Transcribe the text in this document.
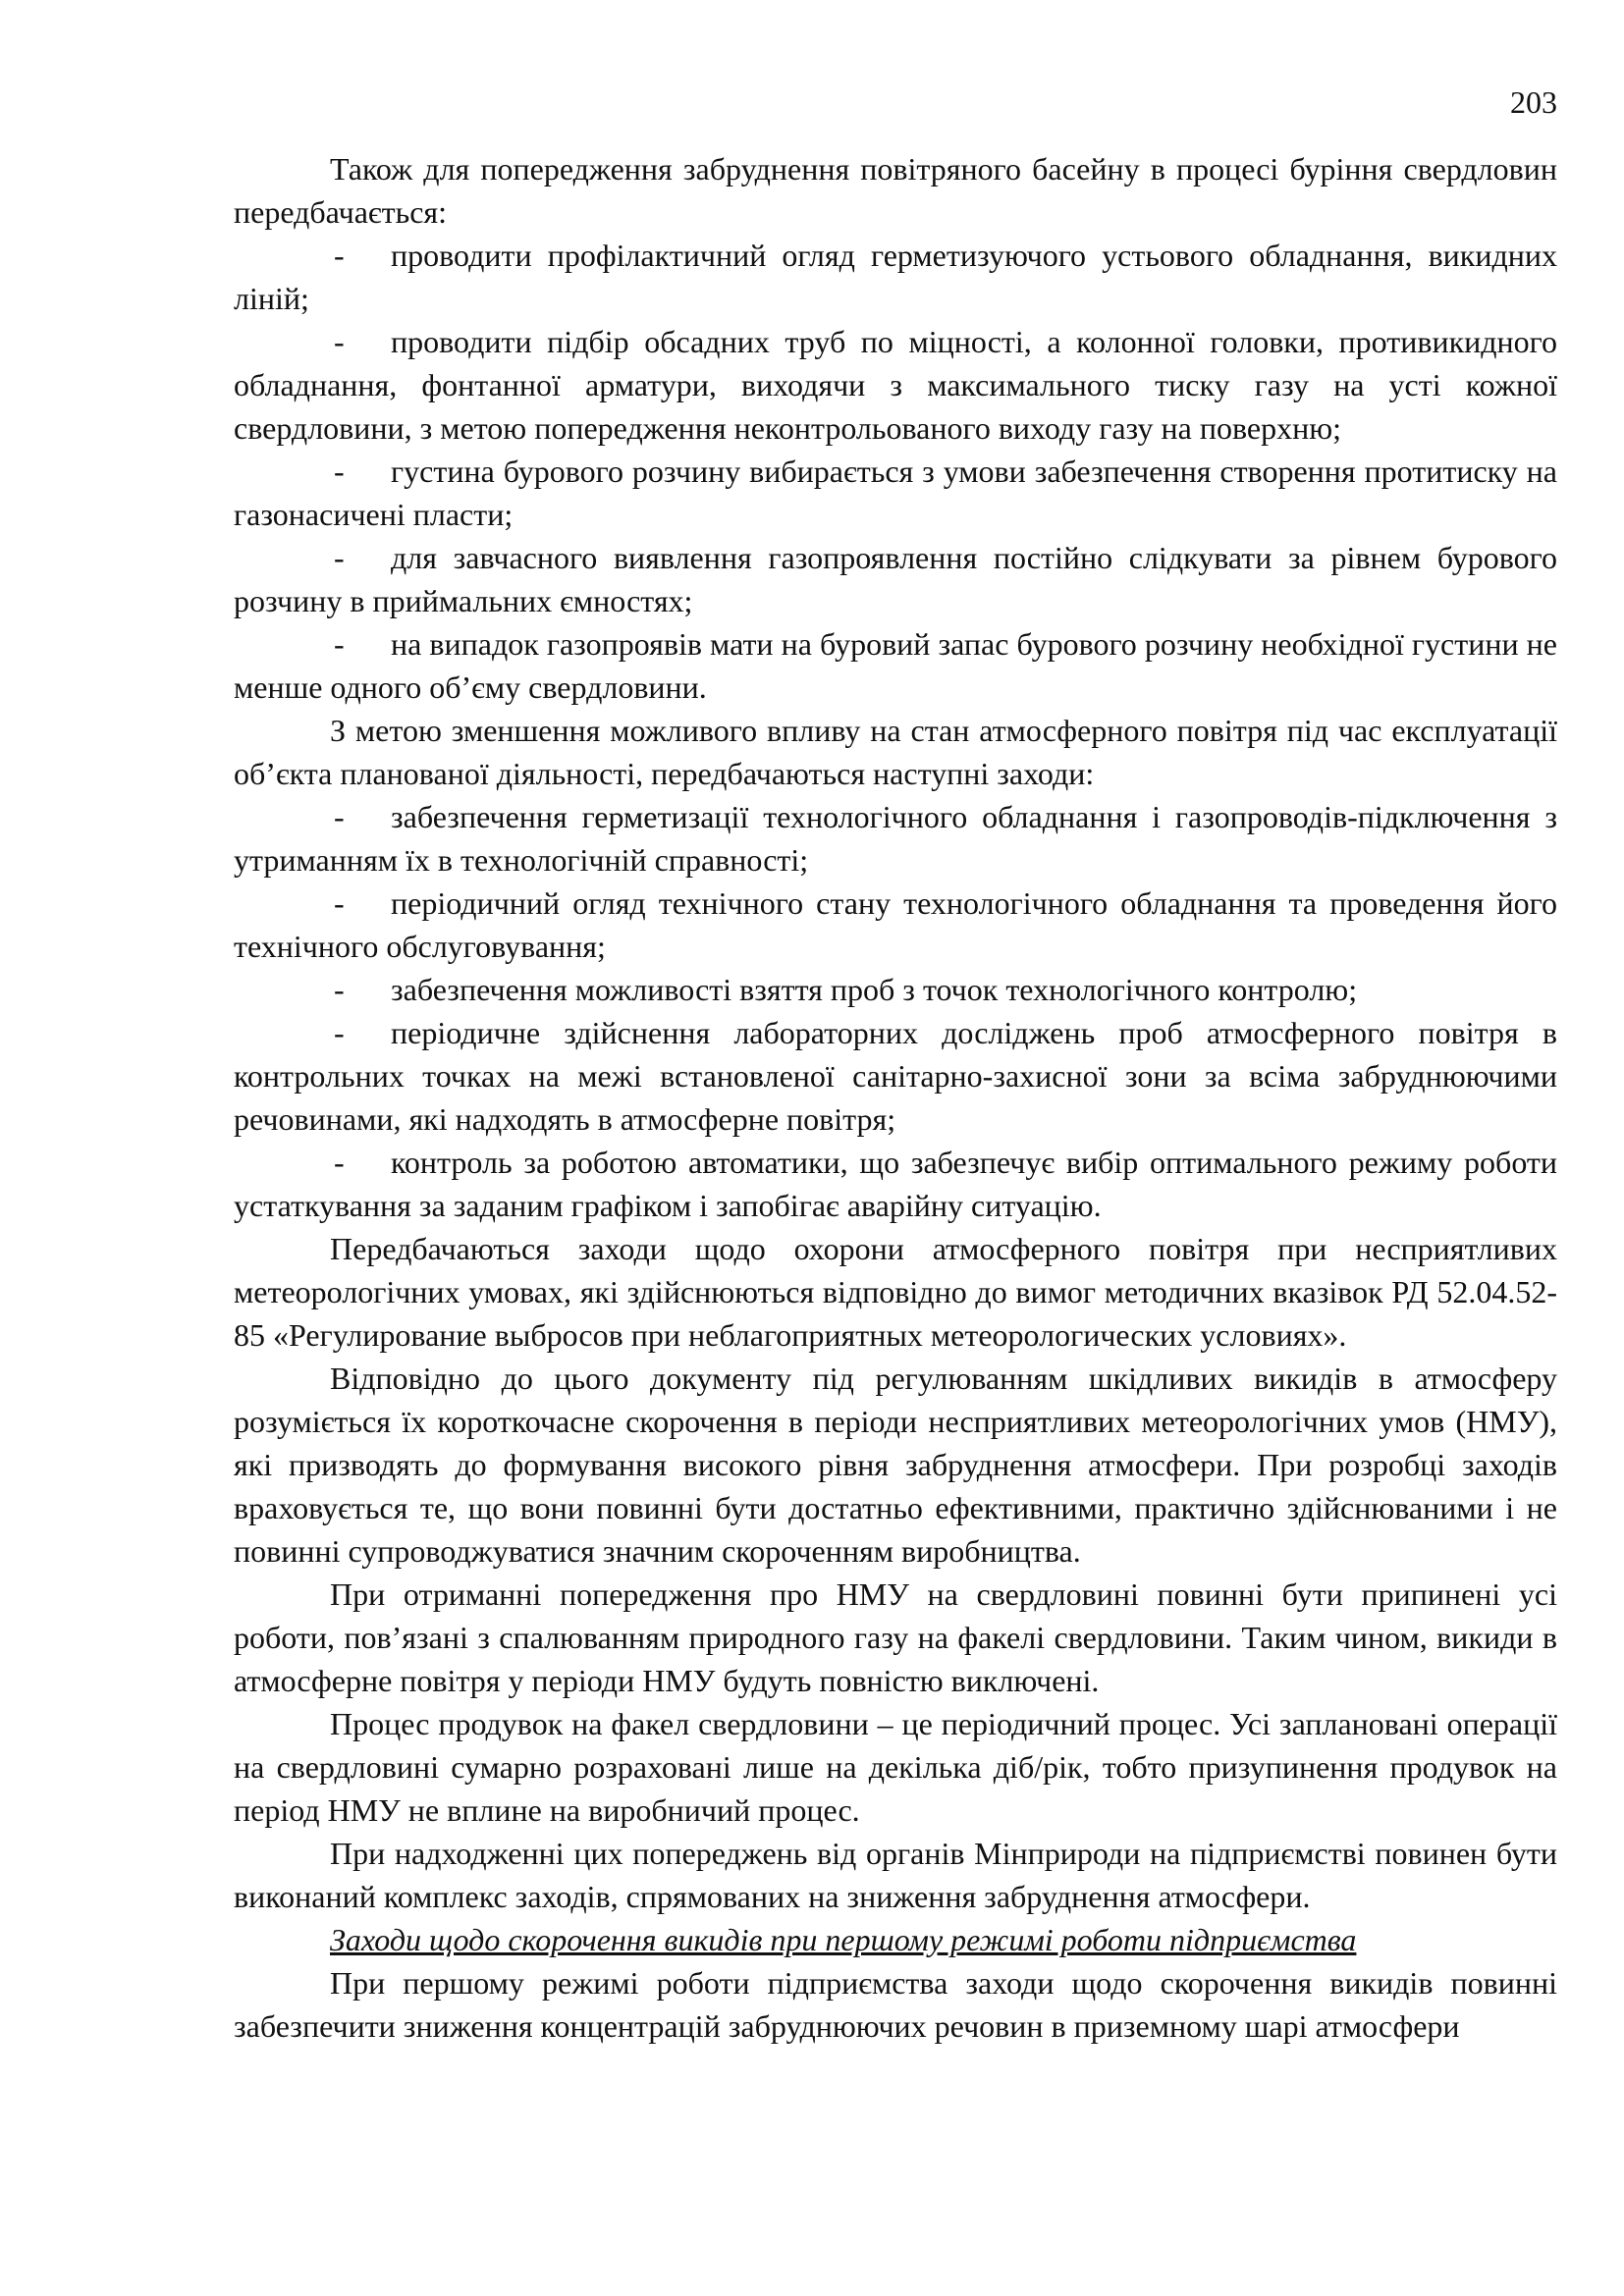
203

Також для попередження забруднення повітряного басейну в процесі буріння свердловин передбачається:

- проводити профілактичний огляд герметизуючого устьового обладнання, викидних ліній;

- проводити підбір обсадних труб по міцності, а колонної головки, противикидного обладнання, фонтанної арматури, виходячи з максимального тиску газу на усті кожної свердловини, з метою попередження неконтрольованого виходу газу на поверхню;

- густина бурового розчину вибирається з умови забезпечення створення протитиску на газонасичені пласти;

- для завчасного виявлення газопроявлення постійно слідкувати за рівнем бурового розчину в приймальних ємностях;

- на випадок газопроявів мати на буровий запас бурового розчину необхідної густини не менше одного об’єму свердловини.

З метою зменшення можливого впливу на стан атмосферного повітря під час експлуатації об’єкта планованої діяльності, передбачаються наступні заходи:

- забезпечення герметизації технологічного обладнання і газопроводів-підключення з утриманням їх в технологічній справності;

- періодичний огляд технічного стану технологічного обладнання та проведення його технічного обслуговування;

- забезпечення можливості взяття проб з точок технологічного контролю;

- періодичне здійснення лабораторних досліджень проб атмосферного повітря в контрольних точках на межі встановленої санітарно-захисної зони за всіма забруднюючими речовинами, які надходять в атмосферне повітря;

- контроль за роботою автоматики, що забезпечує вибір оптимального режиму роботи устаткування за заданим графіком і запобігає аварійну ситуацію.

Передбачаються заходи щодо охорони атмосферного повітря при несприятливих метеорологічних умовах, які здійснюються відповідно до вимог методичних вказівок РД 52.04.52-85 «Регулирование выбросов при неблагоприятных метеорологических условиях».

Відповідно до цього документу під регулюванням шкідливих викидів в атмосферу розуміється їх короткочасне скорочення в періоди несприятливих метеорологічних умов (НМУ), які призводять до формування високого рівня забруднення атмосфери. При розробці заходів враховується те, що вони повинні бути достатньо ефективними, практично здійснюваними і не повинні супроводжуватися значним скороченням виробництва.

При отриманні попередження про НМУ на свердловині повинні бути припинені усі роботи, пов’язані з спалюванням природного газу на факелі свердловини. Таким чином, викиди в атмосферне повітря у періоди НМУ будуть повністю виключені.

Процес продувок на факел свердловини – це періодичний процес. Усі заплановані операції на свердловині сумарно розраховані лише на декілька діб/рік, тобто призупинення продувок на період НМУ не вплине на виробничий процес.

При надходженні цих попереджень від органів Мінприроди на підприємстві повинен бути виконаний комплекс заходів, спрямованих на зниження забруднення атмосфери.

Заходи щодо скорочення викидів при першому режимі роботи підприємства

При першому режимі роботи підприємства заходи щодо скорочення викидів повинні забезпечити зниження концентрацій забруднюючих речовин в приземному шарі атмосфери
